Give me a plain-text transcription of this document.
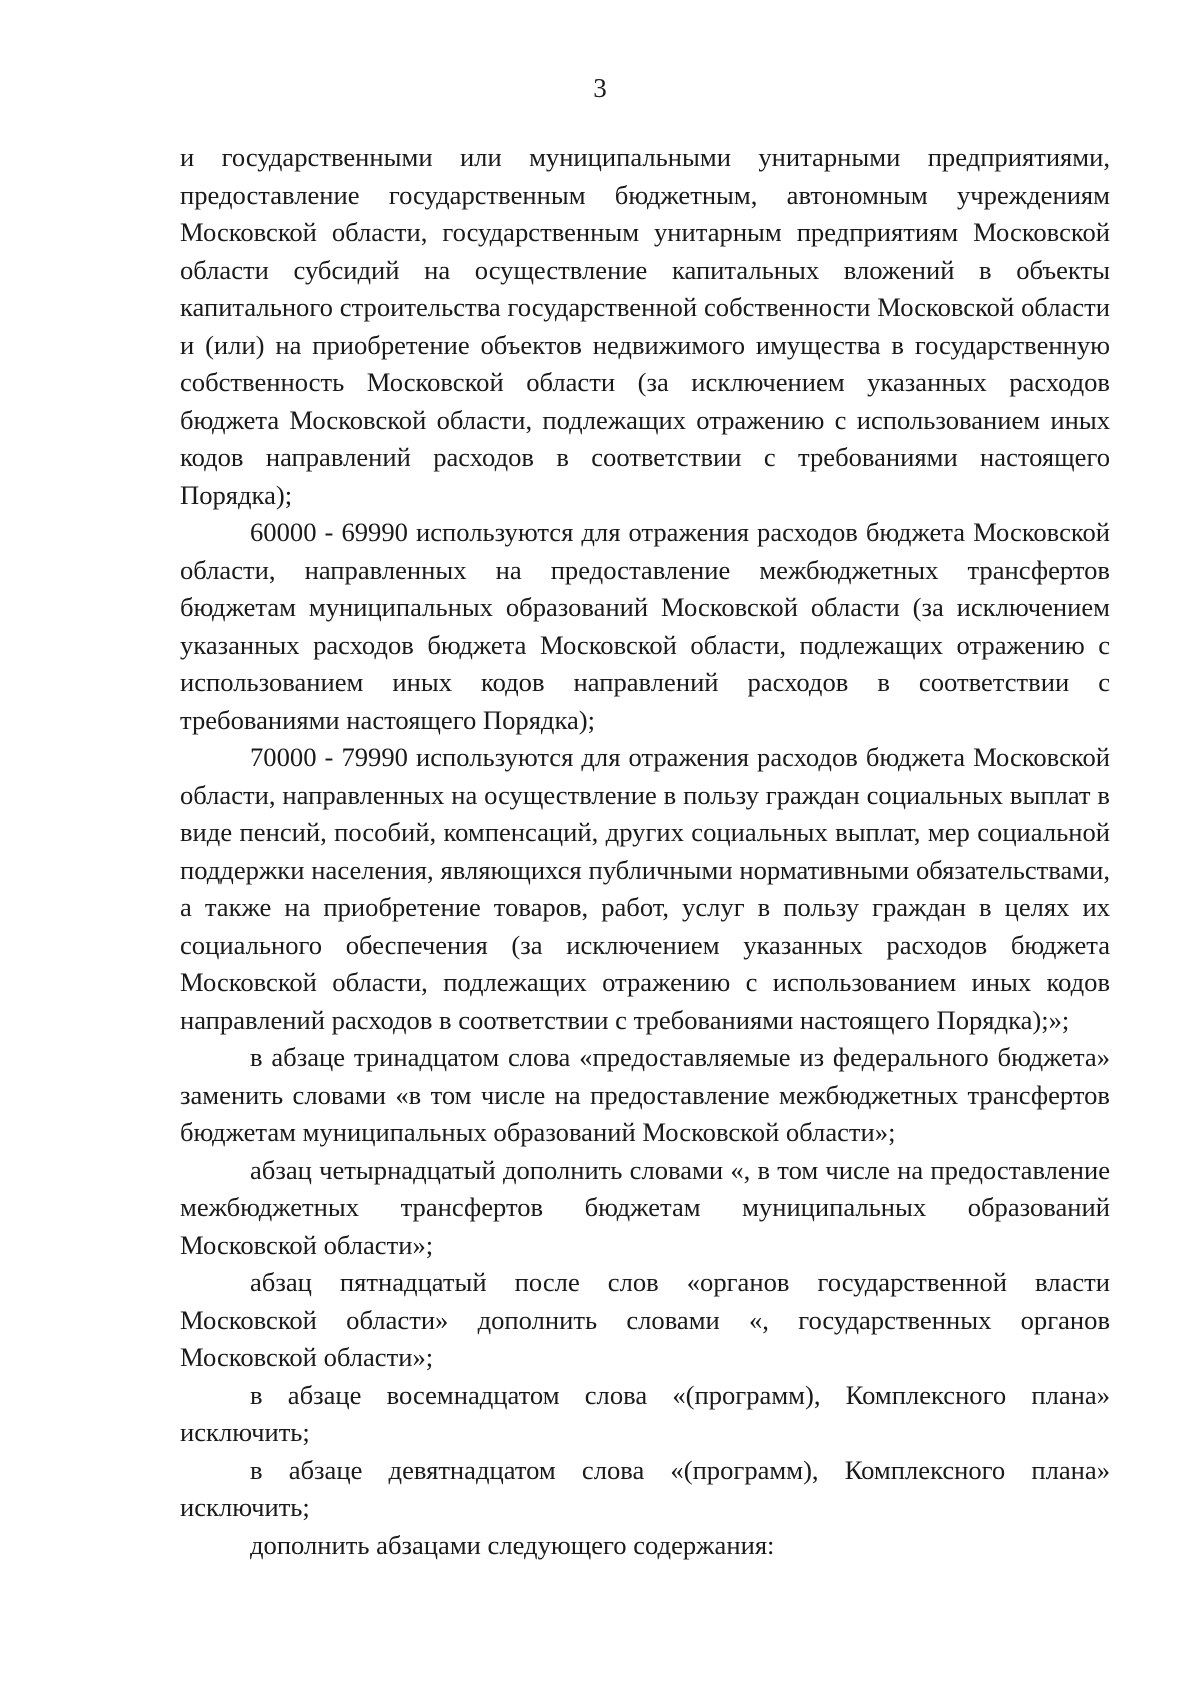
3

и государственными или муниципальными унитарными предприятиями, предоставление государственным бюджетным, автономным учреждениям Московской области, государственным унитарным предприятиям Московской области субсидий на осуществление капитальных вложений в объекты капитального строительства государственной собственности Московской области и (или) на приобретение объектов недвижимого имущества в государственную собственность Московской области (за исключением указанных расходов бюджета Московской области, подлежащих отражению с использованием иных кодов направлений расходов в соответствии с требованиями настоящего Порядка);

60000 - 69990 используются для отражения расходов бюджета Московской области, направленных на предоставление межбюджетных трансфертов бюджетам муниципальных образований Московской области (за исключением указанных расходов бюджета Московской области, подлежащих отражению с использованием иных кодов направлений расходов в соответствии с требованиями настоящего Порядка);

70000 - 79990 используются для отражения расходов бюджета Московской области, направленных на осуществление в пользу граждан социальных выплат в виде пенсий, пособий, компенсаций, других социальных выплат, мер социальной поддержки населения, являющихся публичными нормативными обязательствами, а также на приобретение товаров, работ, услуг в пользу граждан в целях их социального обеспечения (за исключением указанных расходов бюджета Московской области, подлежащих отражению с использованием иных кодов направлений расходов в соответствии с требованиями настоящего Порядка);»;

в абзаце тринадцатом слова «предоставляемые из федерального бюджета» заменить словами «в том числе на предоставление межбюджетных трансфертов бюджетам муниципальных образований Московской области»;

абзац четырнадцатый дополнить словами «, в том числе на предоставление межбюджетных трансфертов бюджетам муниципальных образований Московской области»;

абзац пятнадцатый после слов «органов государственной власти Московской области» дополнить словами «, государственных органов Московской области»;

в абзаце восемнадцатом слова «(программ), Комплексного плана» исключить;

в абзаце девятнадцатом слова «(программ), Комплексного плана» исключить;

дополнить абзацами следующего содержания:
